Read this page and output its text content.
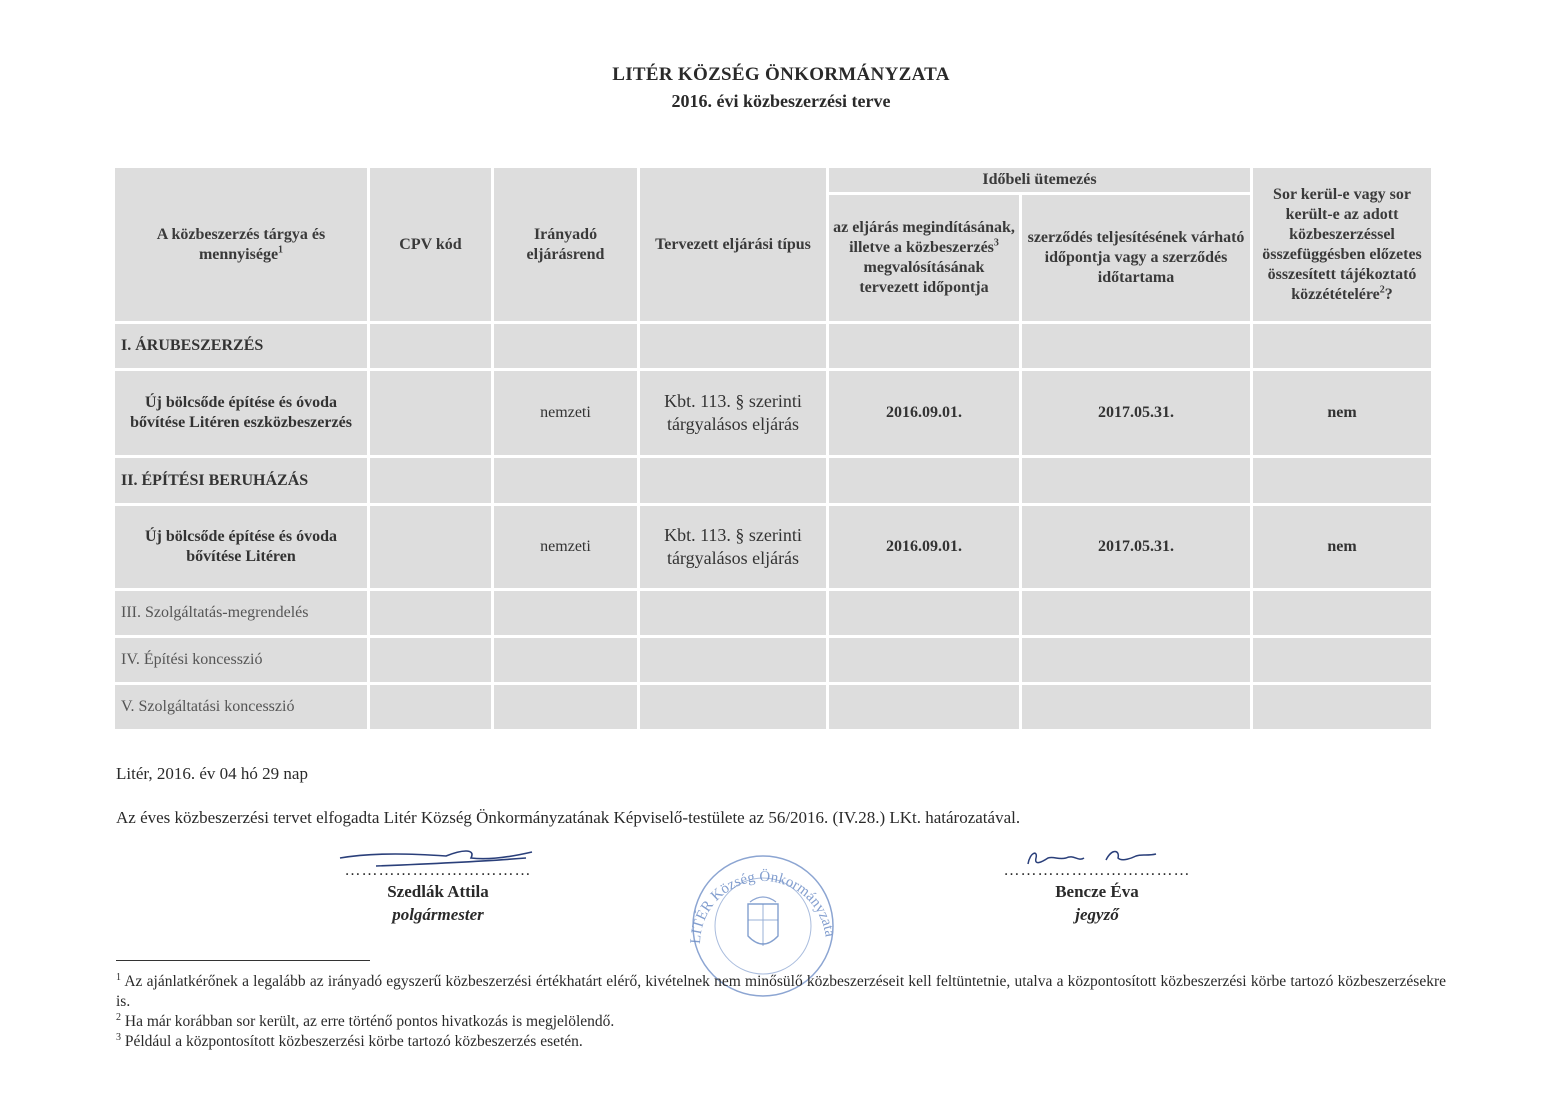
LITÉR KÖZSÉG ÖNKORMÁNYZATA
2016. évi közbeszerzési terve
A közbeszerzés tárgya és mennyisége$^1$	CPV kód	Irányadó eljárásrend	Tervezett eljárási típus	Időbeli ütemezés		Sor kerül-e vagy sor került-e az adott közbeszerzéssel összefüggésben előzetes összesített tájékoztató közzétételére$^2$?
				az eljárás megindításának, illetve a közbeszerzés$^3$ megvalósításának tervezett időpontja	szerződés teljesítésének várható időpontja vagy a szerződés időtartama	
I. ÁRUBESZERZÉS						
Új bölcsőde építése és óvoda bővítése Litéren eszközbeszerzés		nemzeti	Kbt. 113. § szerinti tárgyalásos eljárás	2016.09.01.	2017.05.31.	nem
II. ÉPÍTÉSI BERUHÁZÁS						
Új bölcsőde építése és óvoda bővítése Litéren		nemzeti	Kbt. 113. § szerinti tárgyalásos eljárás	2016.09.01.	2017.05.31.	nem
III. Szolgáltatás-megrendelés						
IV. Építési koncesszió						
V. Szolgáltatási koncesszió						
Litér, 2016. év 04 hó 29 nap
Az éves közbeszerzési tervet elfogadta Litér Község Önkormányzatának Képviselő-testülete az 56/2016. (IV.28.) LKt. határozatával.
……………………………
Szedlák Attila
polgármester
LITÉR Község Önkormányzata
……………………………
Bencze Éva
jegyző

$^1$ Az ajánlatkérőnek a legalább az irányadó egyszerű közbeszerzési értékhatárt elérő, kivételnek nem minősülő közbeszerzéseit kell feltüntetnie, utalva a központosított közbeszerzési körbe tartozó közbeszerzésekre is.

$^2$ Ha már korábban sor került, az erre történő pontos hivatkozás is megjelölendő.

$^3$ Például a központosított közbeszerzési körbe tartozó közbeszerzés esetén.
